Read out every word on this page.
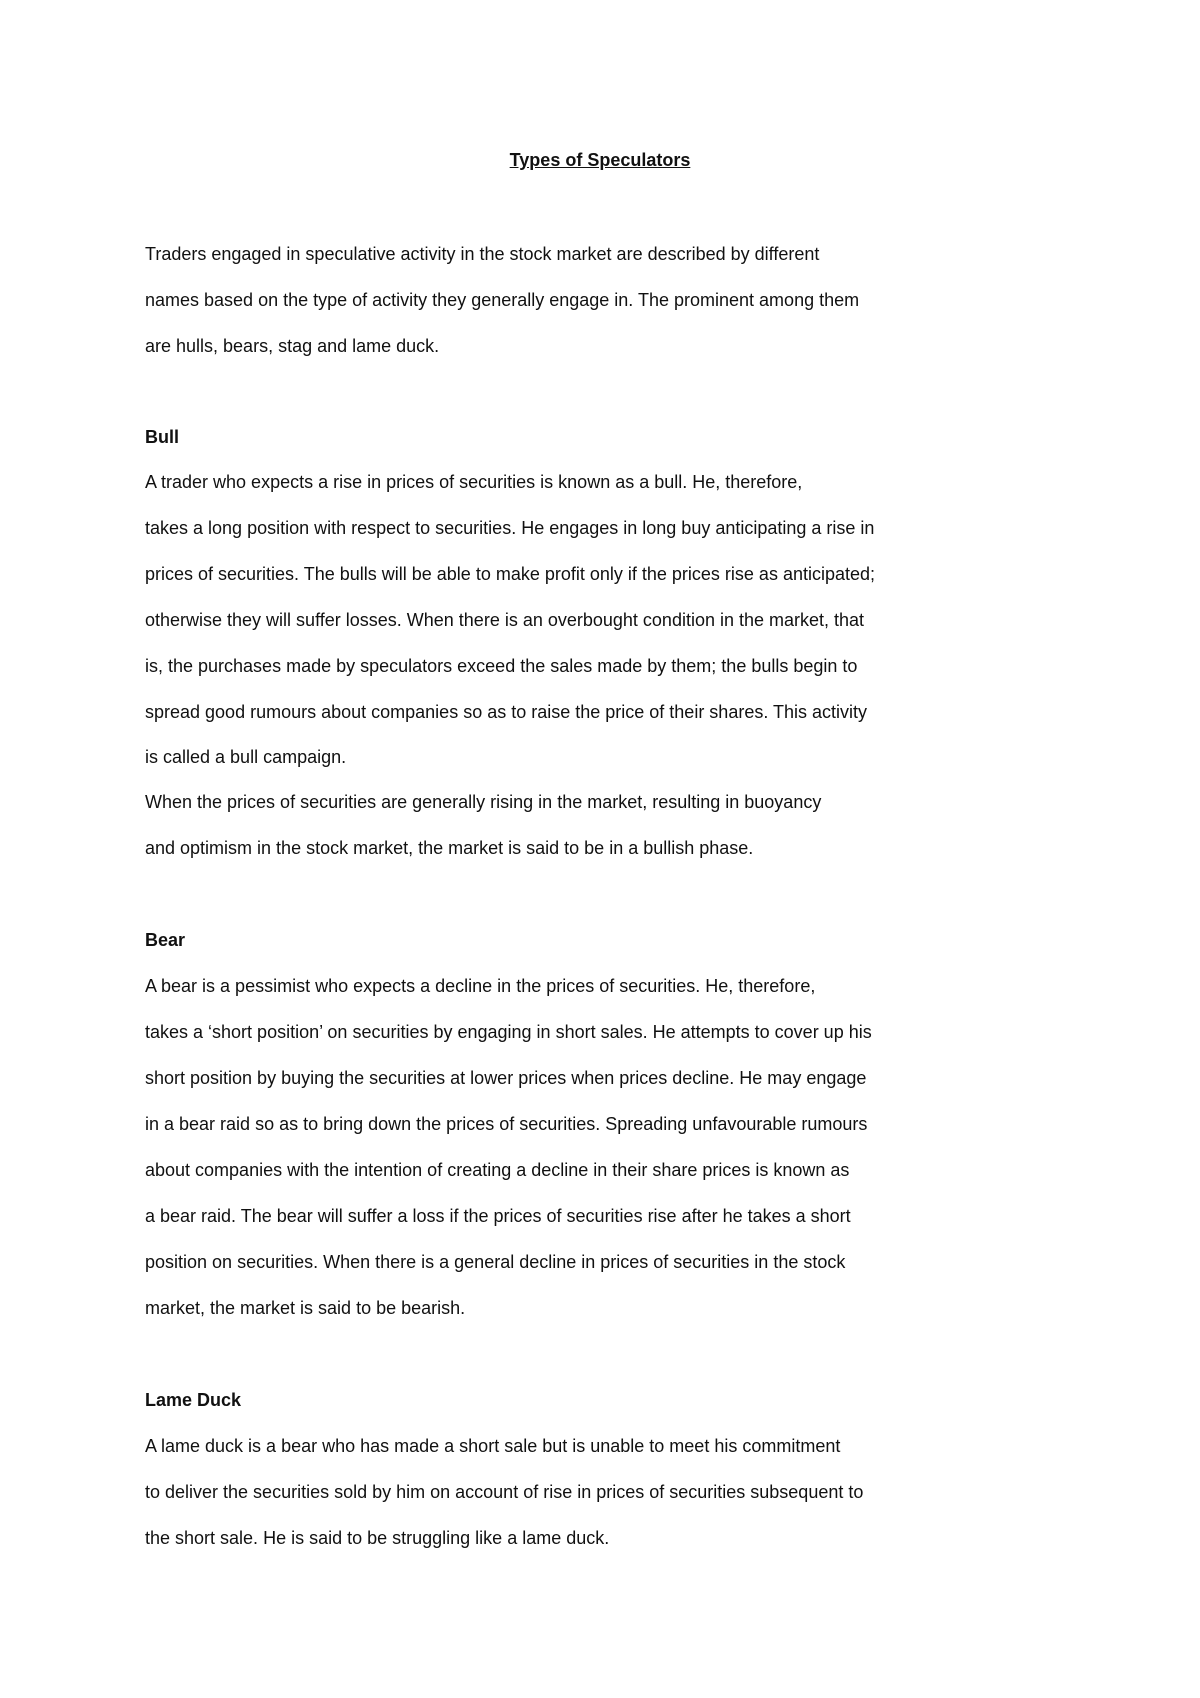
Types of Speculators
Traders engaged in speculative activity in the stock market are described by different
names based on the type of activity they generally engage in. The prominent among them
are hulls, bears, stag and lame duck.
Bull
A trader who expects a rise in prices of securities is known as a bull. He, therefore,
takes a long position with respect to securities. He engages in long buy anticipating a rise in
prices of securities. The bulls will be able to make profit only if the prices rise as anticipated;
otherwise they will suffer losses. When there is an overbought condition in the market, that
is, the purchases made by speculators exceed the sales made by them; the bulls begin to
spread good rumours about companies so as to raise the price of their shares. This activity
is called a bull campaign.
When the prices of securities are generally rising in the market, resulting in buoyancy
and optimism in the stock market, the market is said to be in a bullish phase.
Bear
A bear is a pessimist who expects a decline in the prices of securities. He, therefore,
takes a ‘short position’ on securities by engaging in short sales. He attempts to cover up his
short position by buying the securities at lower prices when prices decline. He may engage
in a bear raid so as to bring down the prices of securities. Spreading unfavourable rumours
about companies with the intention of creating a decline in their share prices is known as
a bear raid. The bear will suffer a loss if the prices of securities rise after he takes a short
position on securities. When there is a general decline in prices of securities in the stock
market, the market is said to be bearish.
Lame Duck
A lame duck is a bear who has made a short sale but is unable to meet his commitment
to deliver the securities sold by him on account of rise in prices of securities subsequent to
the short sale. He is said to be struggling like a lame duck.
